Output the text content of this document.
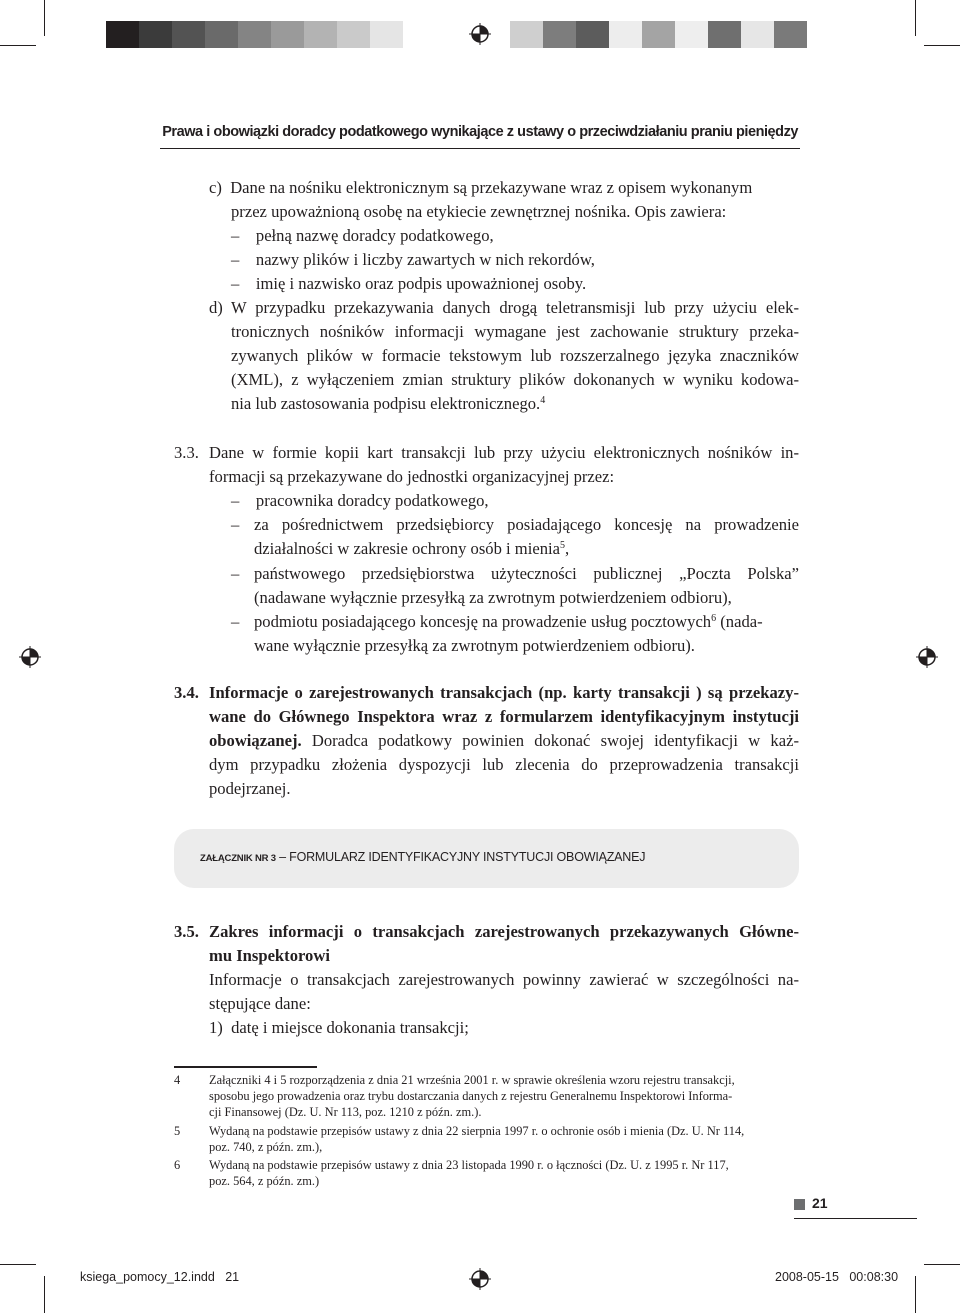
Prawa i obowiązki doradcy podatkowego wynikające z ustawy o przeciwdziałaniu praniu pieniędzy
c)  Dane na nośniku elektronicznym są przekazywane wraz z opisem wykonanym
przez upoważnioną osobę na etykiecie zewnętrznej nośnika. Opis zawiera:
–    pełną nazwę doradcy podatkowego,
–    nazwy plików i liczby zawartych w nich rekordów,
–    imię i nazwisko oraz podpis upoważnionej osoby.
d) W przypadku przekazywania danych drogą teletransmisji lub przy użyciu elek-
tronicznych nośników informacji wymagane jest zachowanie struktury przeka-
zywanych plików w formacie tekstowym lub rozszerzalnego języka znaczników
(XML), z wyłączeniem zmian struktury plików dokonanych w wyniku kodowa-
nia lub zastosowania podpisu elektronicznego.$^4$
3.3. Dane w formie kopii kart transakcji lub przy użyciu elektronicznych nośników in-
formacji są przekazywane do jednostki organizacyjnej przez:
–    pracownika doradcy podatkowego,
– za pośrednictwem przedsiębiorcy posiadającego koncesję na prowadzenie
działalności w zakresie ochrony osób i mienia$^5$,
– państwowego przedsiębiorstwa użyteczności publicznej „Poczta Polska”
(nadawane wyłącznie przesyłką za zwrotnym potwierdzeniem odbioru),
– podmiotu posiadającego koncesję na prowadzenie usług pocztowych$^6$ (nada-
wane wyłącznie przesyłką za zwrotnym potwierdzeniem odbioru).
3.4. Informacje o zarejestrowanych transakcjach (np. karty transakcji ) są przekazy-
wane do Głównego Inspektora wraz z formularzem identyfikacyjnym instytucji
obowiązanej. Doradca podatkowy powinien dokonać swojej identyfikacji w każ-
dym przypadku złożenia dyspozycji lub zlecenia do przeprowadzenia transakcji
podejrzanej.
ZAŁĄCZNIK NR 3 – FORMULARZ IDENTYFIKACYJNY INSTYTUCJI OBOWIĄZANEJ
3.5. Zakres informacji o transakcjach zarejestrowanych przekazywanych Główne-
mu Inspektorowi
Informacje o transakcjach zarejestrowanych powinny zawierać w szczególności na-
stępujące dane:
1)  datę i miejsce dokonania transakcji;
4 Załączniki 4 i 5 rozporządzenia z dnia 21 września 2001 r. w sprawie określenia wzoru rejestru transakcji,
sposobu jego prowadzenia oraz trybu dostarczania danych z rejestru Generalnemu Inspektorowi Informa-
cji Finansowej (Dz. U. Nr 113, poz. 1210 z późn. zm.).
5 Wydaną na podstawie przepisów ustawy z dnia 22 sierpnia 1997 r. o ochronie osób i mienia (Dz. U. Nr 114,
poz. 740, z późn. zm.),
6 Wydaną na podstawie przepisów ustawy z dnia 23 listopada 1990 r. o łączności (Dz. U. z 1995 r. Nr 117,
poz. 564, z późn. zm.)
21
ksiega_pomocy_12.indd   21	2008-05-15   00:08:30
